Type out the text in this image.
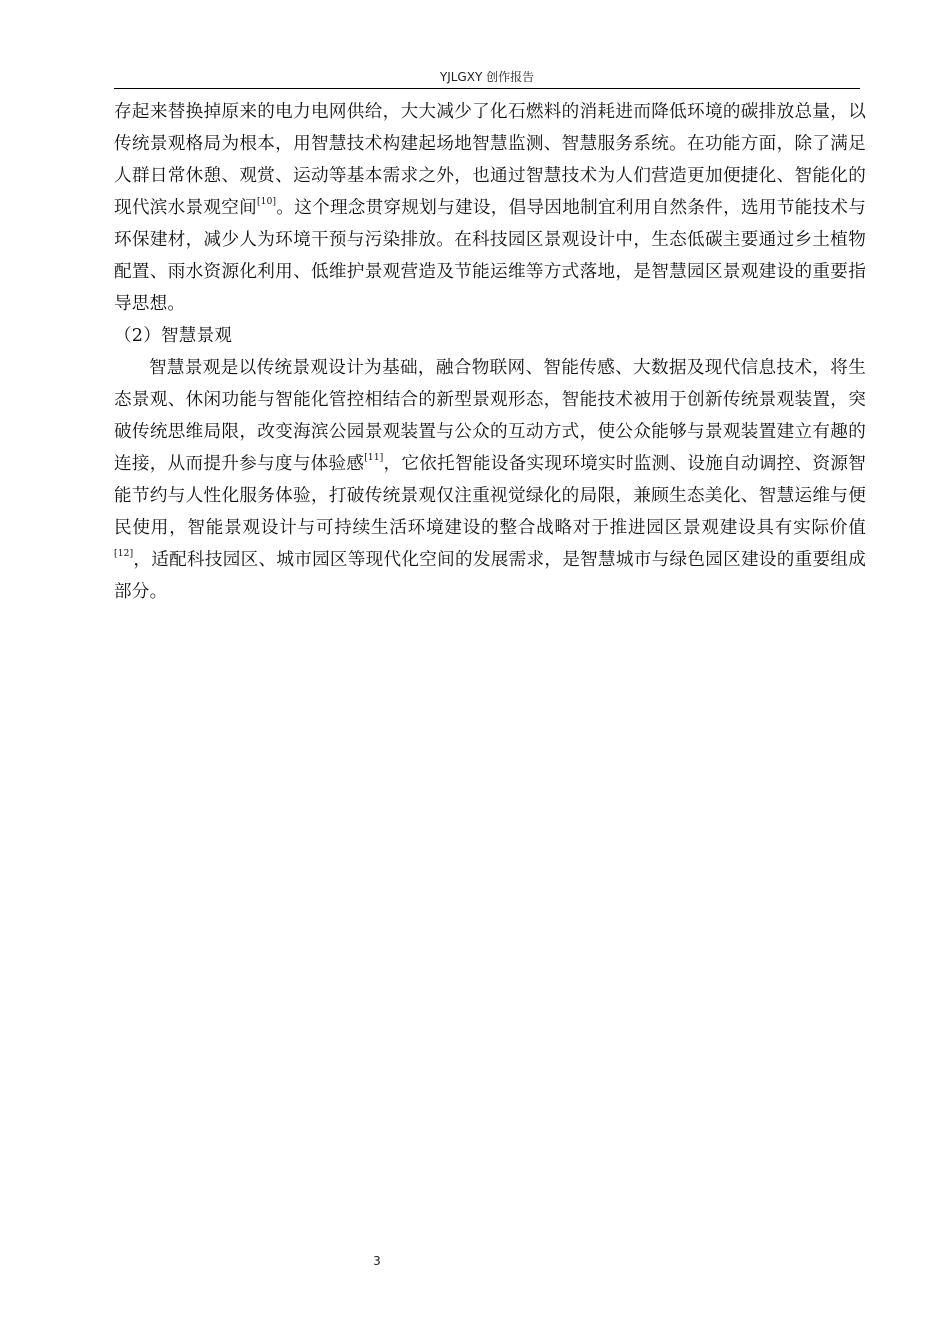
YJLGXY 创作报告

存起来替换掉原来的电力电网供给，大大减少了化石燃料的消耗进而降低环境的碳排放总量，以传统景观格局为根本，用智慧技术构建起场地智慧监测、智慧服务系统。在功能方面，除了满足人群日常休憩、观赏、运动等基本需求之外，也通过智慧技术为人们营造更加便捷化、智能化的现代滨水景观空间[10]。这个理念贯穿规划与建设，倡导因地制宜利用自然条件，选用节能技术与环保建材，减少人为环境干预与污染排放。在科技园区景观设计中，生态低碳主要通过乡土植物配置、雨水资源化利用、低维护景观营造及节能运维等方式落地，是智慧园区景观建设的重要指导思想。

（2）智慧景观

智慧景观是以传统景观设计为基础，融合物联网、智能传感、大数据及现代信息技术，将生态景观、休闲功能与智能化管控相结合的新型景观形态，智能技术被用于创新传统景观装置，突破传统思维局限，改变海滨公园景观装置与公众的互动方式，使公众能够与景观装置建立有趣的连接，从而提升参与度与体验感[11]，它依托智能设备实现环境实时监测、设施自动调控、资源智能节约与人性化服务体验，打破传统景观仅注重视觉绿化的局限，兼顾生态美化、智慧运维与便民使用，智能景观设计与可持续生活环境建设的整合战略对于推进园区景观建设具有实际价值[12]，适配科技园区、城市园区等现代化空间的发展需求，是智慧城市与绿色园区建设的重要组成部分。

3
